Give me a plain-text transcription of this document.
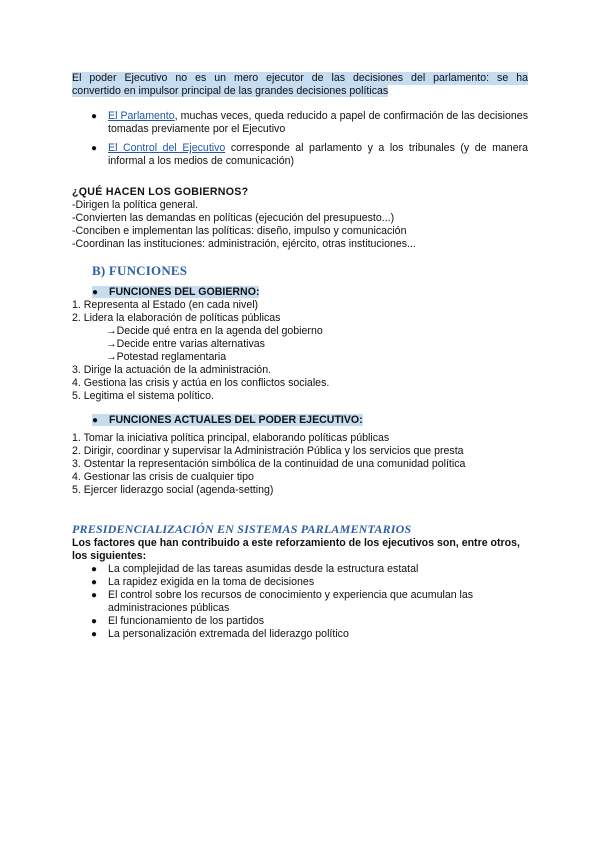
El poder Ejecutivo no es un mero ejecutor de las decisiones del parlamento: se ha
convertido en impulsor principal de las grandes decisiones políticas
● El Parlamento, muchas veces, queda reducido a papel de confirmación de las decisiones tomadas previamente por el Ejecutivo
● El Control del Ejecutivo corresponde al parlamento y a los tribunales (y de manera informal a los medios de comunicación)
¿QUÉ HACEN LOS GOBIERNOS?
-Dirigen la política general.
-Convierten las demandas en políticas (ejecución del presupuesto...)
-Conciben e implementan las políticas: diseño, impulso y comunicación
-Coordinan las instituciones: administración, ejército, otras instituciones...
B) FUNCIONES
● FUNCIONES DEL GOBIERNO:
1. Representa al Estado (en cada nivel)
2. Lidera la elaboración de políticas públicas
→Decide qué entra en la agenda del gobierno
→Decide entre varias alternativas
→Potestad reglamentaria
3. Dirige la actuación de la administración.
4. Gestiona las crisis y actúa en los conflictos sociales.
5. Legitima el sistema político.
● FUNCIONES ACTUALES DEL PODER EJECUTIVO:
1. Tomar la iniciativa política principal, elaborando políticas públicas
2. Dirigir, coordinar y supervisar la Administración Pública y los servicios que presta
3. Ostentar la representación simbólica de la continuidad de una comunidad política
4. Gestionar las crisis de cualquier tipo
5. Ejercer liderazgo social (agenda-setting)
PRESIDENCIALIZACIÓN EN SISTEMAS PARLAMENTARIOS
Los factores que han contribuido a este reforzamiento de los ejecutivos son, entre otros, los siguientes:
● La complejidad de las tareas asumidas desde la estructura estatal
● La rapidez exigida en la toma de decisiones
● El control sobre los recursos de conocimiento y experiencia que acumulan las administraciones públicas
● El funcionamiento de los partidos
● La personalización extremada del liderazgo político
